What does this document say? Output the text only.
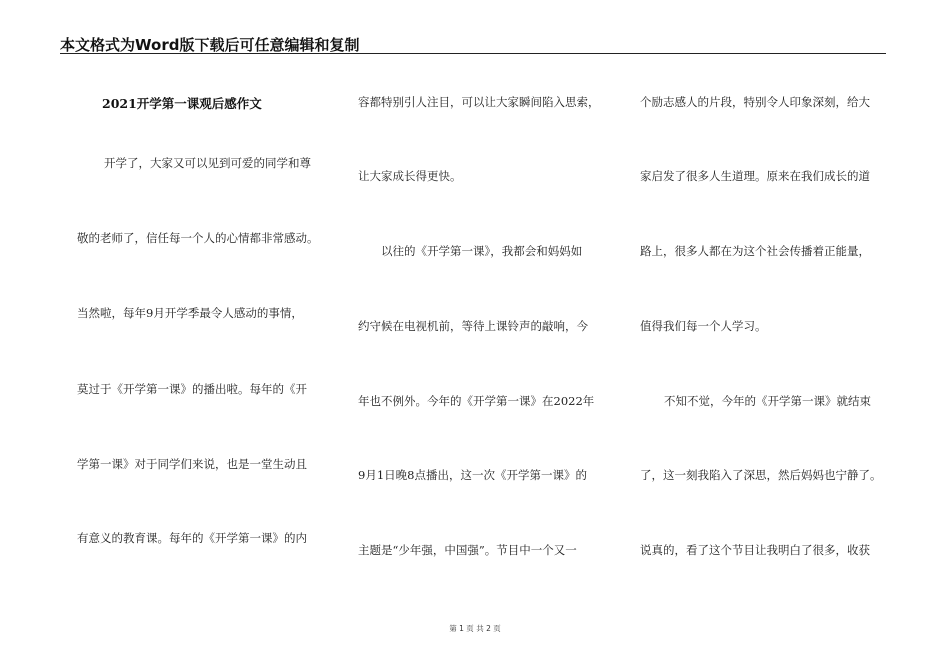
本文格式为Word版下载后可任意编辑和复制
2021开学第一课观后感作文
开学了，大家又可以见到可爱的同学和尊
敬的老师了，信任每一个人的心情都非常感动。
当然啦，每年9月开学季最令人感动的事情，
莫过于《开学第一课》的播出啦。每年的《开
学第一课》对于同学们来说，也是一堂生动且
有意义的教育课。每年的《开学第一课》的内
容都特别引人注目，可以让大家瞬间陷入思索，
让大家成长得更快。
以往的《开学第一课》，我都会和妈妈如
约守候在电视机前，等待上课铃声的敲响，今
年也不例外。今年的《开学第一课》在2022年
9月1日晚8点播出，这一次《开学第一课》的
主题是“少年强，中国强”。节目中一个又一
个励志感人的片段，特别令人印象深刻，给大
家启发了很多人生道理。原来在我们成长的道
路上，很多人都在为这个社会传播着正能量，
值得我们每一个人学习。
不知不觉，今年的《开学第一课》就结束
了，这一刻我陷入了深思，然后妈妈也宁静了。
说真的，看了这个节目让我明白了很多，收获
第 1 页 共 2 页
